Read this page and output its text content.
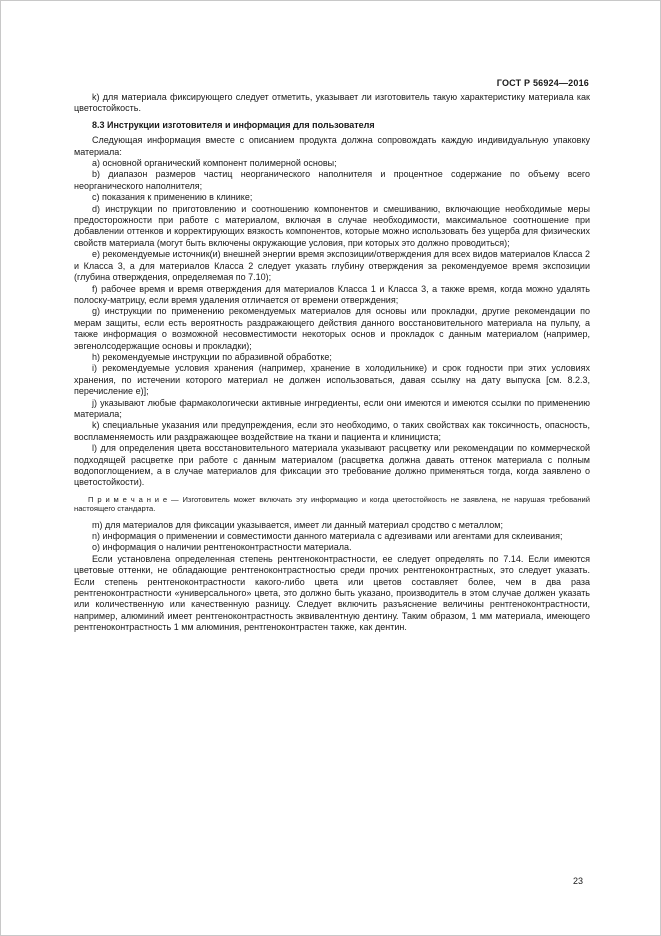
ГОСТ Р 56924—2016

k) для материала фиксирующего следует отметить, указывает ли изготовитель такую характеристику материала как цветостойкость.

8.3 Инструкции изготовителя и информация для пользователя

Следующая информация вместе с описанием продукта должна сопровождать каждую индивидуальную упаковку материала:

a) основной органический компонент полимерной основы;

b) диапазон размеров частиц неорганического наполнителя и процентное содержание по объему всего неорганического наполнителя;

c) показания к применению в клинике;

d) инструкции по приготовлению и соотношению компонентов и смешиванию, включающие необходимые меры предосторожности при работе с материалом, включая в случае необходимости, максимальное соотношение при добавлении оттенков и корректирующих вязкость компонентов, которые можно использовать без ущерба для физических свойств материала (могут быть включены окружающие условия, при которых это должно проводиться);

e) рекомендуемые источник(и) внешней энергии время экспозиции/отверждения для всех видов материалов Класса 2 и Класса 3, а для материалов Класса 2 следует указать глубину отверждения за рекомендуемое время экспозиции (глубина отверждения, определяемая по 7.10);

f) рабочее время и время отверждения для материалов Класса 1 и Класса 3, а также время, когда можно удалять полоску-матрицу, если время удаления отличается от времени отверждения;

g) инструкции по применению рекомендуемых материалов для основы или прокладки, другие рекомендации по мерам защиты, если есть вероятность раздражающего действия данного восстановительного материала на пульпу, а также информация о возможной несовместимости некоторых основ и прокладок с данным материалом (например, эвгенолсодержащие основы и прокладки);

h) рекомендуемые инструкции по абразивной обработке;

i) рекомендуемые условия хранения (например, хранение в холодильнике) и срок годности при этих условиях хранения, по истечении которого материал не должен использоваться, давая ссылку на дату выпуска [см. 8.2.3, перечисление e)];

j) указывают любые фармакологически активные ингредиенты, если они имеются и имеются ссылки по применению материала;

k) специальные указания или предупреждения, если это необходимо, о таких свойствах как токсичность, опасность, воспламеняемость или раздражающее воздействие на ткани и пациента и клинициста;

l) для определения цвета восстановительного материала указывают расцветку или рекомендации по коммерческой подходящей расцветке при работе с данным материалом (расцветка должна давать оттенок материала с полным водопоглощением, а в случае материалов для фиксации это требование должно применяться тогда, когда заявлено о цветостойкости).

П р и м е ч а н и е — Изготовитель может включать эту информацию и когда цветостойкость не заявлена, не нарушая требований настоящего стандарта.

m) для материалов для фиксации указывается, имеет ли данный материал сродство с металлом;

n) информация о применении и совместимости данного материала с адгезивами или агентами для склеивания;

o) информация о наличии рентгеноконтрастности материала.

Если установлена определенная степень рентгеноконтрастности, ее следует определять по 7.14. Если имеются цветовые оттенки, не обладающие рентгеноконтрастностью среди прочих рентгеноконтрастных, это следует указать. Если степень рентгеноконтрастности какого-либо цвета или цветов составляет более, чем в два раза рентгеноконтрастности «универсального» цвета, это должно быть указано, производитель в этом случае должен указать или количественную или качественную разницу. Следует включить разъяснение величины рентгеноконтрастности, например, алюминий имеет рентгеноконтрастность эквивалентную дентину. Таким образом, 1 мм материала, имеющего рентгеноконтрастность 1 мм алюминия, рентгеноконтрастен также, как дентин.

23
